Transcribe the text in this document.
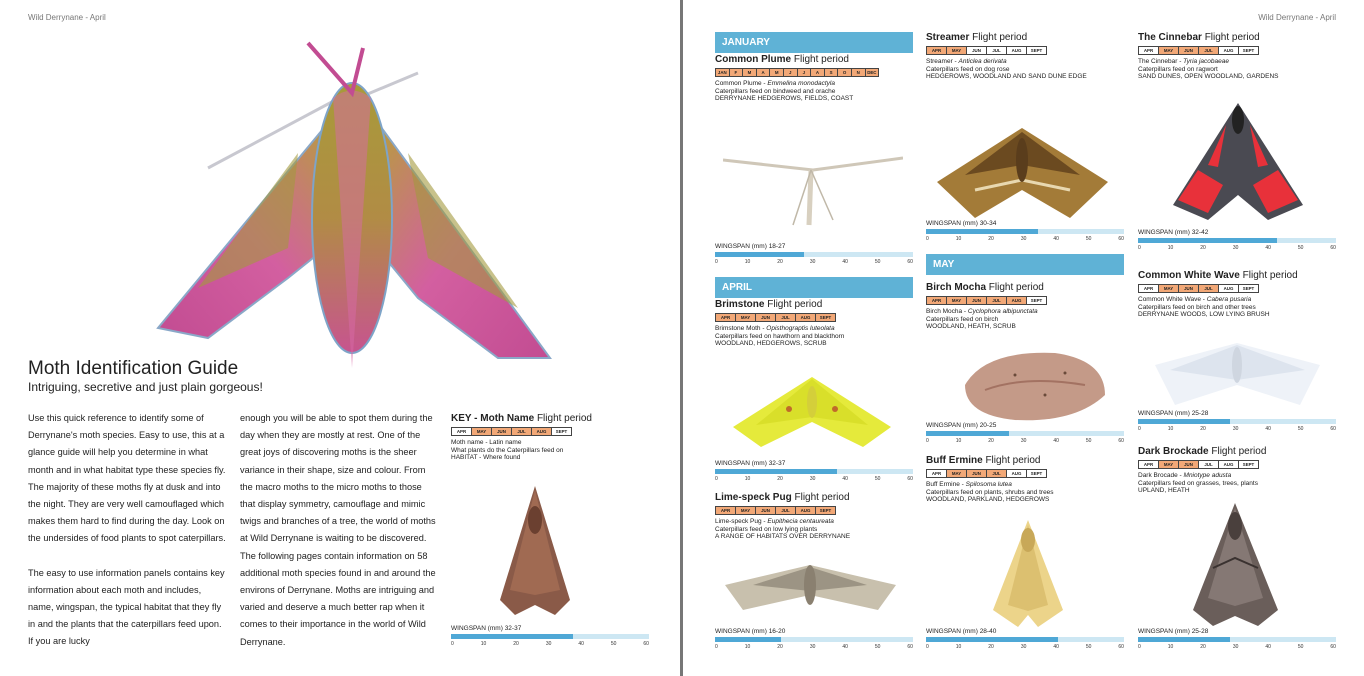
Wild Derrynane - April
Moth Identification Guide
Intriguing, secretive and just plain gorgeous!

Use this quick reference to identify some of Derrynane's moth species. Easy to use, this at a glance guide will help you determine in what month and in what habitat type these species fly. The majority of these moths fly at dusk and into the night. They are very well camouflaged which makes them hard to find during the day. Look on the undersides of food plants to spot caterpillars.

The easy to use information panels contains key information about each moth and includes, name, wingspan, the typical habitat that they fly in and the plants that the caterpillars feed upon. If you are lucky

enough you will be able to spot them during the day when they are mostly at rest. One of the great joys of discovering moths is the sheer variance in their shape, size and colour. From the macro moths to the micro moths to those that display symmetry, camouflage and mimic twigs and branches of a tree, the world of moths at Wild Derrynane is waiting to be discovered. The following pages contain information on 58 additional moth species found in and around the environs of Derrynane. Moths are intriguing and varied and deserve a much better rap when it comes to their importance in the world of Wild Derrynane.

KEY - Moth Name Flight period
APR	MAY	JUN	JUL	AUG	SEPT
Moth name - Latin name
What plants do the Caterpillars feed on
HABITAT - Where found
WINGSPAN (mm) 32-37
0	10	20	30	40	50	60
Wild Derrynane - April
JANUARY
Common Plume Flight period
JAN	F	M	A	M	J	J	A	S	O	N	DEC
Common Plume - Emmelina monodactyla
Caterpillars feed on bindweed and orache
DERRYNANE HEDGEROWS, FIELDS, COAST
WINGSPAN (mm) 18-27
0	10	20	30	40	50	60
APRIL
Brimstone Flight period
APR	MAY	JUN	JUL	AUG	SEPT
Brimstone Moth - Opisthograptis luteolata
Caterpillars feed on hawthorn and blackthorn
WOODLAND, HEDGEROWS, SCRUB
WINGSPAN (mm) 32-37
0	10	20	30	40	50	60
Lime-speck Pug Flight period
APR	MAY	JUN	JUL	AUG	SEPT
Lime-speck Pug - Eupithecia centaureata
Caterpillars feed on low lying plants
A RANGE OF HABITATS OVER DERRYNANE
WINGSPAN (mm) 16-20
0	10	20	30	40	50	60
Streamer Flight period
APR	MAY	JUN	JUL	AUG	SEPT
Streamer - Anticlea derivata
Caterpillars feed on dog rose
HEDGEROWS, WOODLAND AND SAND DUNE EDGE
WINGSPAN (mm) 30-34
0	10	20	30	40	50	60
MAY
Birch Mocha Flight period
APR	MAY	JUN	JUL	AUG	SEPT
Birch Mocha - Cyclophora albipunctata
Caterpillars feed on birch
WOODLAND, HEATH, SCRUB
WINGSPAN (mm) 20-25
0	10	20	30	40	50	60
Buff Ermine Flight period
APR	MAY	JUN	JUL	AUG	SEPT
Buff Ermine - Spilosoma lutea
Caterpillars feed on plants, shrubs and trees
WOODLAND, PARKLAND, HEDGEROWS
WINGSPAN (mm) 28-40
0	10	20	30	40	50	60
The Cinnebar Flight period
APR	MAY	JUN	JUL	AUG	SEPT
The Cinnebar - Tyria jacobaeae
Caterpillars feed on ragwort
SAND DUNES, OPEN WOODLAND, GARDENS
WINGSPAN (mm) 32-42
0	10	20	30	40	50	60
Common White Wave Flight period
APR	MAY	JUN	JUL	AUG	SEPT
Common White Wave - Cabera pusaria
Caterpillars feed on birch and other trees
DERRYNANE WOODS, LOW LYING BRUSH
WINGSPAN (mm) 25-28
0	10	20	30	40	50	60
Dark Brockade Flight period
APR	MAY	JUN	JUL	AUG	SEPT
Dark Brocade - Mniotype adusta
Caterpillars feed on grasses, trees, plants
UPLAND, HEATH
WINGSPAN (mm) 25-28
0	10	20	30	40	50	60
